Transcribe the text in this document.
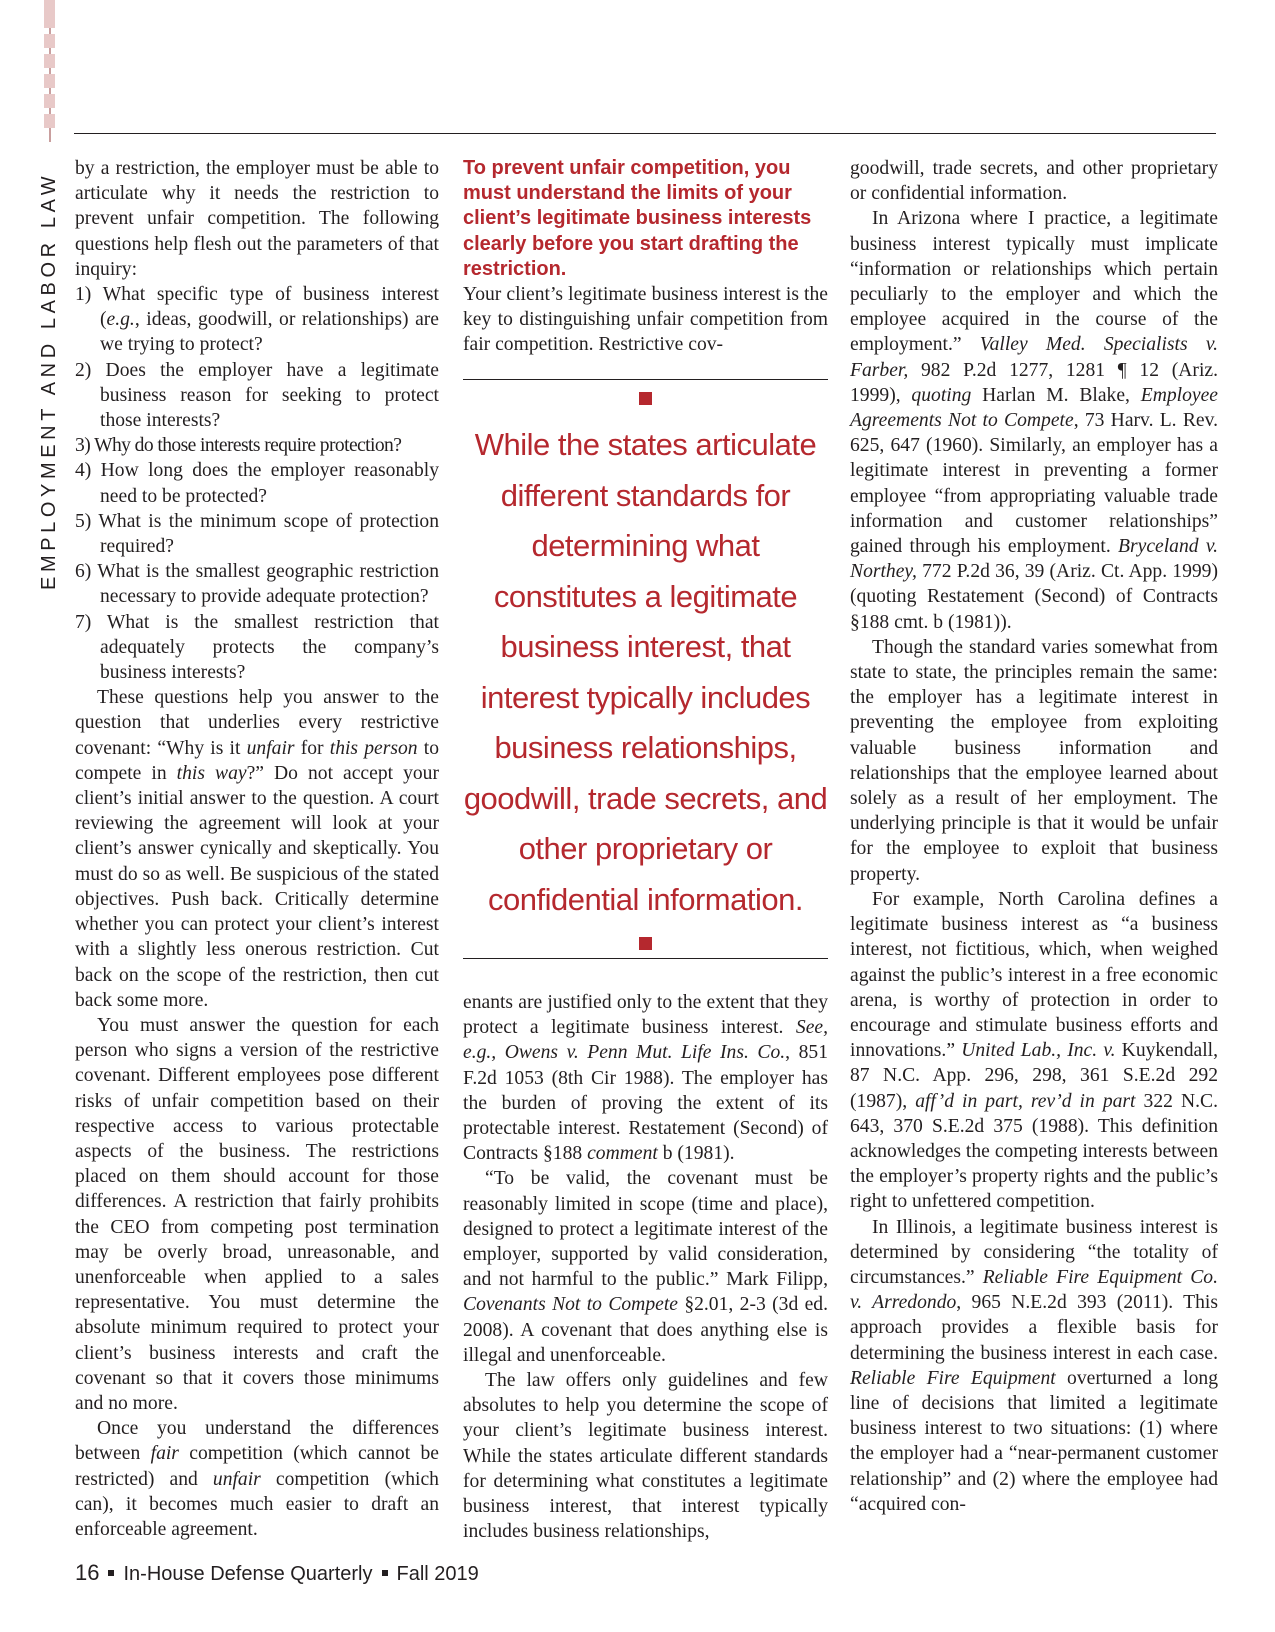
EMPLOYMENT AND LABOR LAW

by a restriction, the employer must be able to articulate why it needs the restriction to prevent unfair competition. The following questions help flesh out the parameters of that inquiry:

1) What specific type of business interest (e.g., ideas, goodwill, or relationships) are we trying to protect?

2) Does the employer have a legitimate business reason for seeking to protect those interests?

3) Why do those interests require protection?

4) How long does the employer reasonably need to be protected?

5) What is the minimum scope of protection required?

6) What is the smallest geographic restriction necessary to provide adequate protection?

7) What is the smallest restriction that adequately protects the company’s business interests?

These questions help you answer to the question that underlies every restrictive covenant: “Why is it unfair for this person to compete in this way?” Do not accept your client’s initial answer to the question. A court reviewing the agreement will look at your client’s answer cynically and skeptically. You must do so as well. Be suspicious of the stated objectives. Push back. Critically determine whether you can protect your client’s interest with a slightly less onerous restriction. Cut back on the scope of the restriction, then cut back some more.

You must answer the question for each person who signs a version of the restrictive covenant. Different employees pose different risks of unfair competition based on their respective access to various protectable aspects of the business. The restrictions placed on them should account for those differences. A restriction that fairly prohibits the CEO from competing post termination may be overly broad, unreasonable, and unenforceable when applied to a sales representative. You must determine the absolute minimum required to protect your client’s business interests and craft the covenant so that it covers those minimums and no more.

Once you understand the differences between fair competition (which cannot be restricted) and unfair competition (which can), it becomes much easier to draft an enforceable agreement.

To prevent unfair competition, you must understand the limits of your client’s legitimate business interests clearly before you start drafting the restriction.

Your client’s legitimate business interest is the key to distinguishing unfair competition from fair competition. Restrictive cov-

While the states articulate different standards for determining what constitutes a legitimate business interest, that interest typically includes business relationships, goodwill, trade secrets, and other proprietary or confidential information.

enants are justified only to the extent that they protect a legitimate business interest. See, e.g., Owens v. Penn Mut. Life Ins. Co., 851 F.2d 1053 (8th Cir 1988). The employer has the burden of proving the extent of its protectable interest. Restatement (Second) of Contracts §188 comment b (1981).

“To be valid, the covenant must be reasonably limited in scope (time and place), designed to protect a legitimate interest of the employer, supported by valid consideration, and not harmful to the public.” Mark Filipp, Covenants Not to Compete §2.01, 2-3 (3d ed. 2008). A covenant that does anything else is illegal and unenforceable.

The law offers only guidelines and few absolutes to help you determine the scope of your client’s legitimate business interest. While the states articulate different standards for determining what constitutes a legitimate business interest, that interest typically includes business relationships,

goodwill, trade secrets, and other proprietary or confidential information.

In Arizona where I practice, a legitimate business interest typically must implicate “information or relationships which pertain peculiarly to the employer and which the employee acquired in the course of the employment.” Valley Med. Specialists v. Farber, 982 P.2d 1277, 1281 ¶ 12 (Ariz. 1999), quoting Harlan M. Blake, Employee Agreements Not to Compete, 73 Harv. L. Rev. 625, 647 (1960). Similarly, an employer has a legitimate interest in preventing a former employee “from appropriating valuable trade information and customer relationships” gained through his employment. Bryceland v. Northey, 772 P.2d 36, 39 (Ariz. Ct. App. 1999) (quoting Restatement (Second) of Contracts §188 cmt. b (1981)).

Though the standard varies somewhat from state to state, the principles remain the same: the employer has a legitimate interest in preventing the employee from exploiting valuable business information and relationships that the employee learned about solely as a result of her employment. The underlying principle is that it would be unfair for the employee to exploit that business property.

For example, North Carolina defines a legitimate business interest as “a business interest, not fictitious, which, when weighed against the public’s interest in a free economic arena, is worthy of protection in order to encourage and stimulate business efforts and innovations.” United Lab., Inc. v. Kuykendall, 87 N.C. App. 296, 298, 361 S.E.2d 292 (1987), aff’d in part, rev’d in part 322 N.C. 643, 370 S.E.2d 375 (1988). This definition acknowledges the competing interests between the employer’s property rights and the public’s right to unfettered competition.

In Illinois, a legitimate business interest is determined by considering “the totality of circumstances.” Reliable Fire Equipment Co. v. Arredondo, 965 N.E.2d 393 (2011). This approach provides a flexible basis for determining the business interest in each case. Reliable Fire Equipment overturned a long line of decisions that limited a legitimate business interest to two situations: (1) where the employer had a “near-permanent customer relationship” and (2) where the employee had “acquired con-

16 In-House Defense Quarterly Fall 2019
